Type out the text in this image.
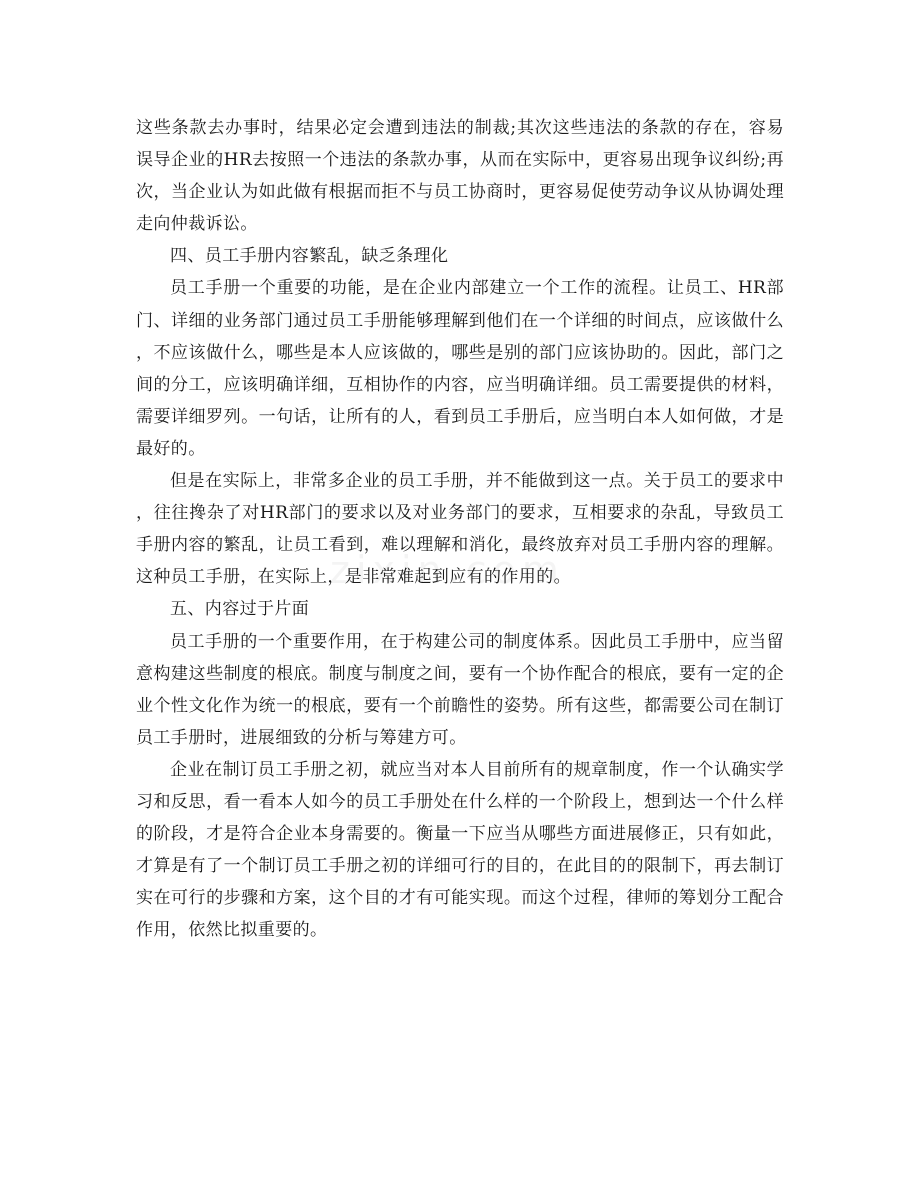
这些条款去办事时，结果必定会遭到违法的制裁;其次这些违法的条款的存在，容易误导企业的HR去按照一个违法的条款办事，从而在实际中，更容易出现争议纠纷;再次，当企业认为如此做有根据而拒不与员工协商时，更容易促使劳动争议从协调处理走向仲裁诉讼。

四、员工手册内容繁乱，缺乏条理化

员工手册一个重要的功能，是在企业内部建立一个工作的流程。让员工、HR部门、详细的业务部门通过员工手册能够理解到他们在一个详细的时间点，应该做什么，不应该做什么，哪些是本人应该做的，哪些是别的部门应该协助的。因此，部门之间的分工，应该明确详细，互相协作的内容，应当明确详细。员工需要提供的材料，需要详细罗列。一句话，让所有的人，看到员工手册后，应当明白本人如何做，才是最好的。

但是在实际上，非常多企业的员工手册，并不能做到这一点。关于员工的要求中，往往搀杂了对HR部门的要求以及对业务部门的要求，互相要求的杂乱，导致员工手册内容的繁乱，让员工看到，难以理解和消化，最终放弃对员工手册内容的理解。这种员工手册，在实际上，是非常难起到应有的作用的。

五、内容过于片面

员工手册的一个重要作用，在于构建公司的制度体系。因此员工手册中，应当留意构建这些制度的根底。制度与制度之间，要有一个协作配合的根底，要有一定的企业个性文化作为统一的根底，要有一个前瞻性的姿势。所有这些，都需要公司在制订员工手册时，进展细致的分析与筹建方可。

企业在制订员工手册之初，就应当对本人目前所有的规章制度，作一个认确实学习和反思，看一看本人如今的员工手册处在什么样的一个阶段上，想到达一个什么样的阶段，才是符合企业本身需要的。衡量一下应当从哪些方面进展修正，只有如此，才算是有了一个制订员工手册之初的详细可行的目的，在此目的的限制下，再去制订实在可行的步骤和方案，这个目的才有可能实现。而这个过程，律师的筹划分工配合作用，依然比拟重要的。
